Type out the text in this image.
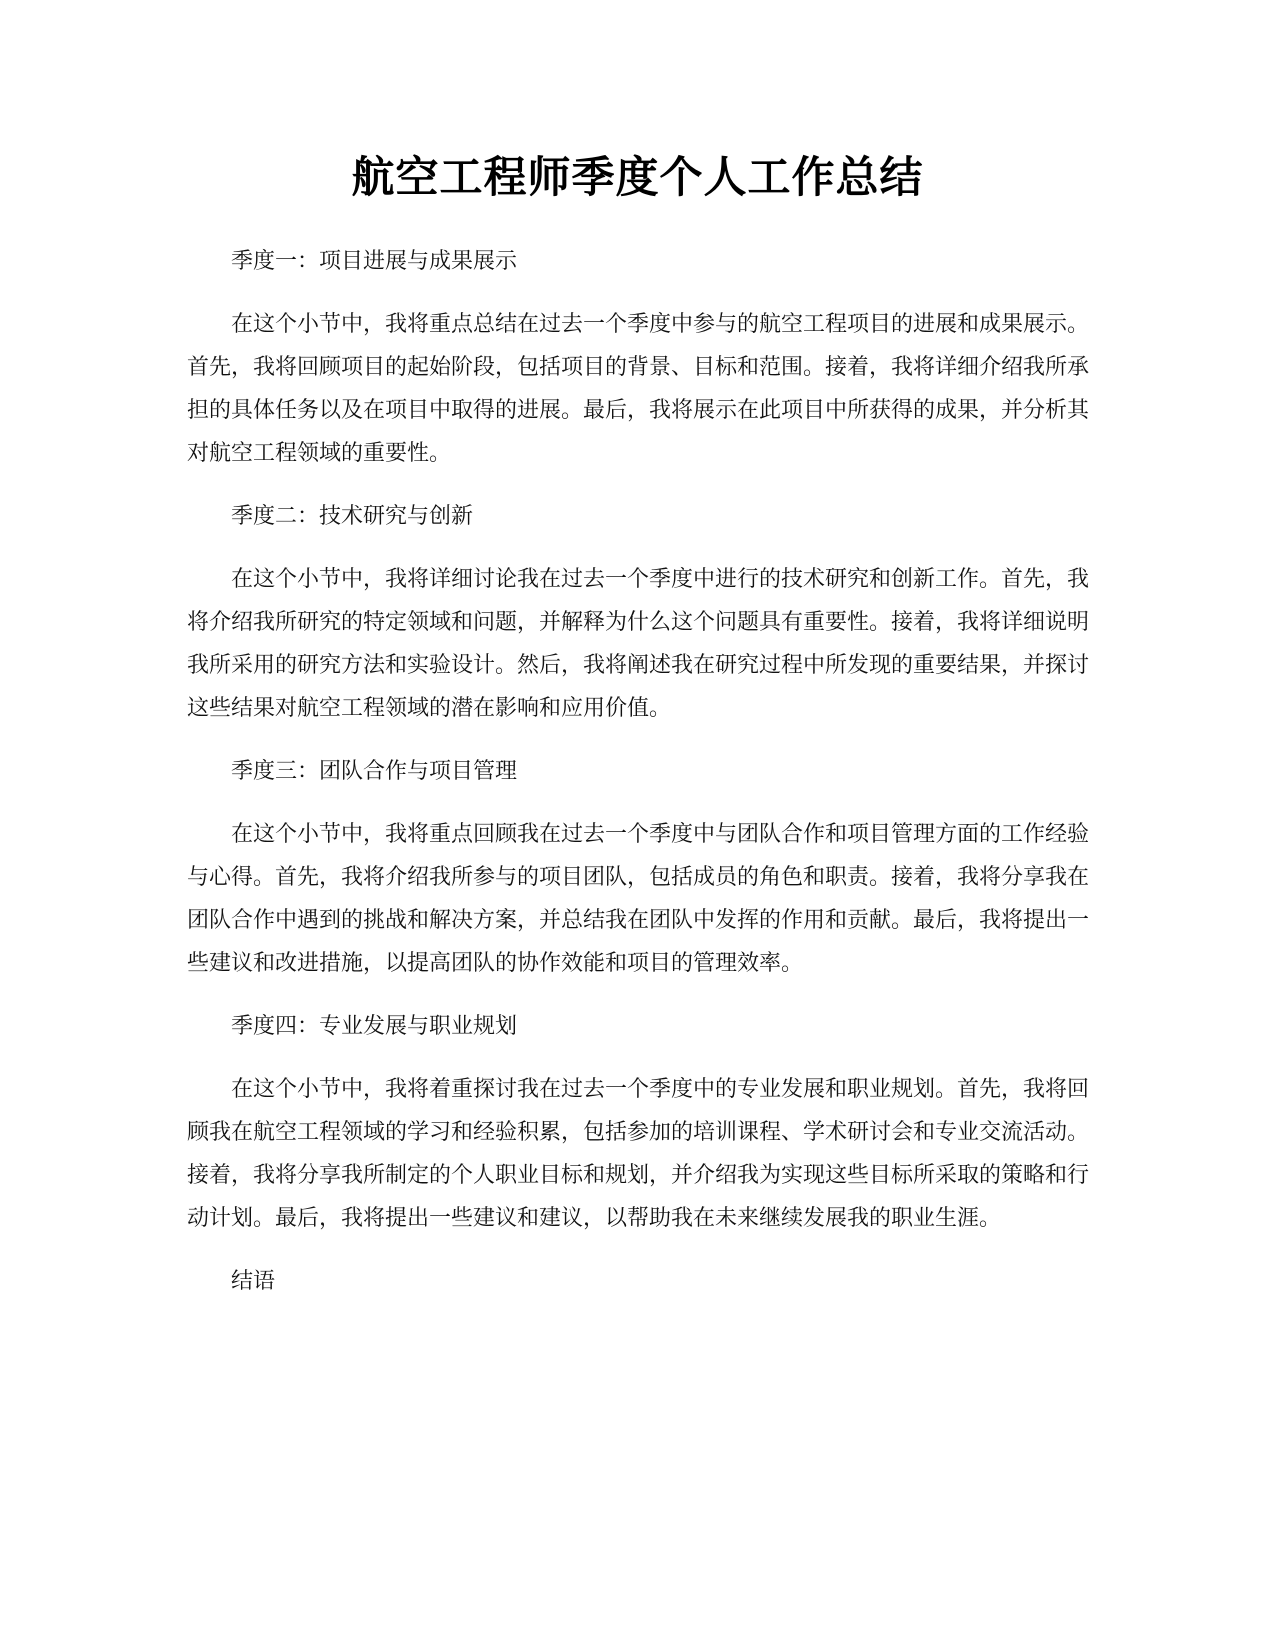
航空工程师季度个人工作总结

季度一：项目进展与成果展示

在这个小节中，我将重点总结在过去一个季度中参与的航空工程项目的进展和成果展示。首先，我将回顾项目的起始阶段，包括项目的背景、目标和范围。接着，我将详细介绍我所承担的具体任务以及在项目中取得的进展。最后，我将展示在此项目中所获得的成果，并分析其对航空工程领域的重要性。

季度二：技术研究与创新

在这个小节中，我将详细讨论我在过去一个季度中进行的技术研究和创新工作。首先，我将介绍我所研究的特定领域和问题，并解释为什么这个问题具有重要性。接着，我将详细说明我所采用的研究方法和实验设计。然后，我将阐述我在研究过程中所发现的重要结果，并探讨这些结果对航空工程领域的潜在影响和应用价值。

季度三：团队合作与项目管理

在这个小节中，我将重点回顾我在过去一个季度中与团队合作和项目管理方面的工作经验与心得。首先，我将介绍我所参与的项目团队，包括成员的角色和职责。接着，我将分享我在团队合作中遇到的挑战和解决方案，并总结我在团队中发挥的作用和贡献。最后，我将提出一些建议和改进措施，以提高团队的协作效能和项目的管理效率。

季度四：专业发展与职业规划

在这个小节中，我将着重探讨我在过去一个季度中的专业发展和职业规划。首先，我将回顾我在航空工程领域的学习和经验积累，包括参加的培训课程、学术研讨会和专业交流活动。接着，我将分享我所制定的个人职业目标和规划，并介绍我为实现这些目标所采取的策略和行动计划。最后，我将提出一些建议和建议，以帮助我在未来继续发展我的职业生涯。

结语
